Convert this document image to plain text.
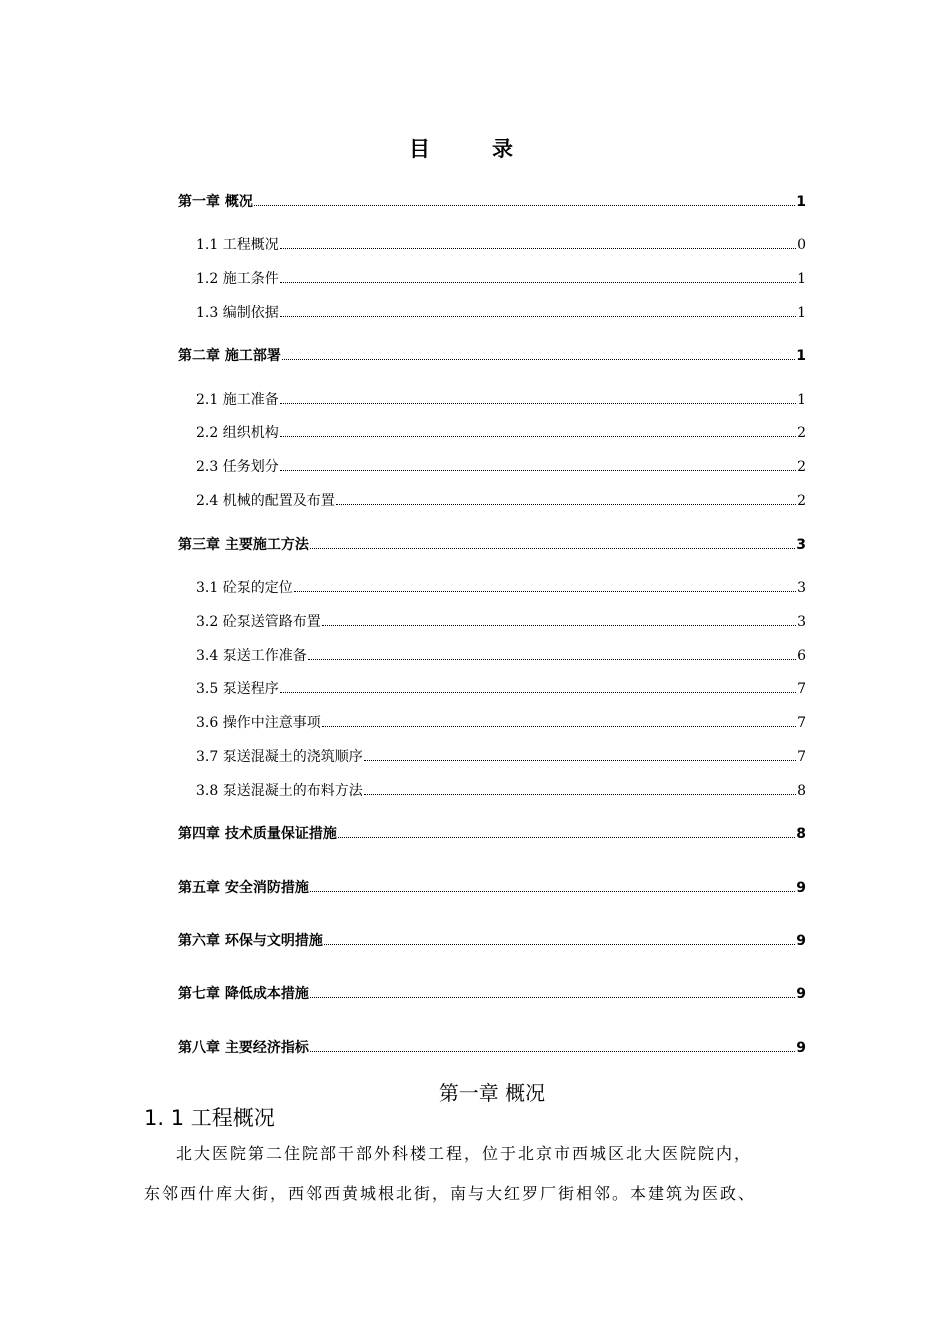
目录
第一章 概况	1
1.1 工程概况	0
1.2 施工条件	1
1.3 编制依据	1
第二章 施工部署	1
2.1 施工准备	1
2.2 组织机构	2
2.3 任务划分	2
2.4 机械的配置及布置	2
第三章 主要施工方法	3
3.1 砼泵的定位	3
3.2 砼泵送管路布置	3
3.4 泵送工作准备	6
3.5 泵送程序	7
3.6 操作中注意事项	7
3.7 泵送混凝土的浇筑顺序	7
3.8 泵送混凝土的布料方法	8
第四章 技术质量保证措施	8
第五章 安全消防措施	9
第六章 环保与文明措施	9
第七章 降低成本措施	9
第八章 主要经济指标	9
第一章 概况
1. 1 工程概况
北大医院第二住院部干部外科楼工程，位于北京市西城区北大医院院内，
东邻西什库大街，西邻西黄城根北街，南与大红罗厂街相邻。本建筑为医政、
